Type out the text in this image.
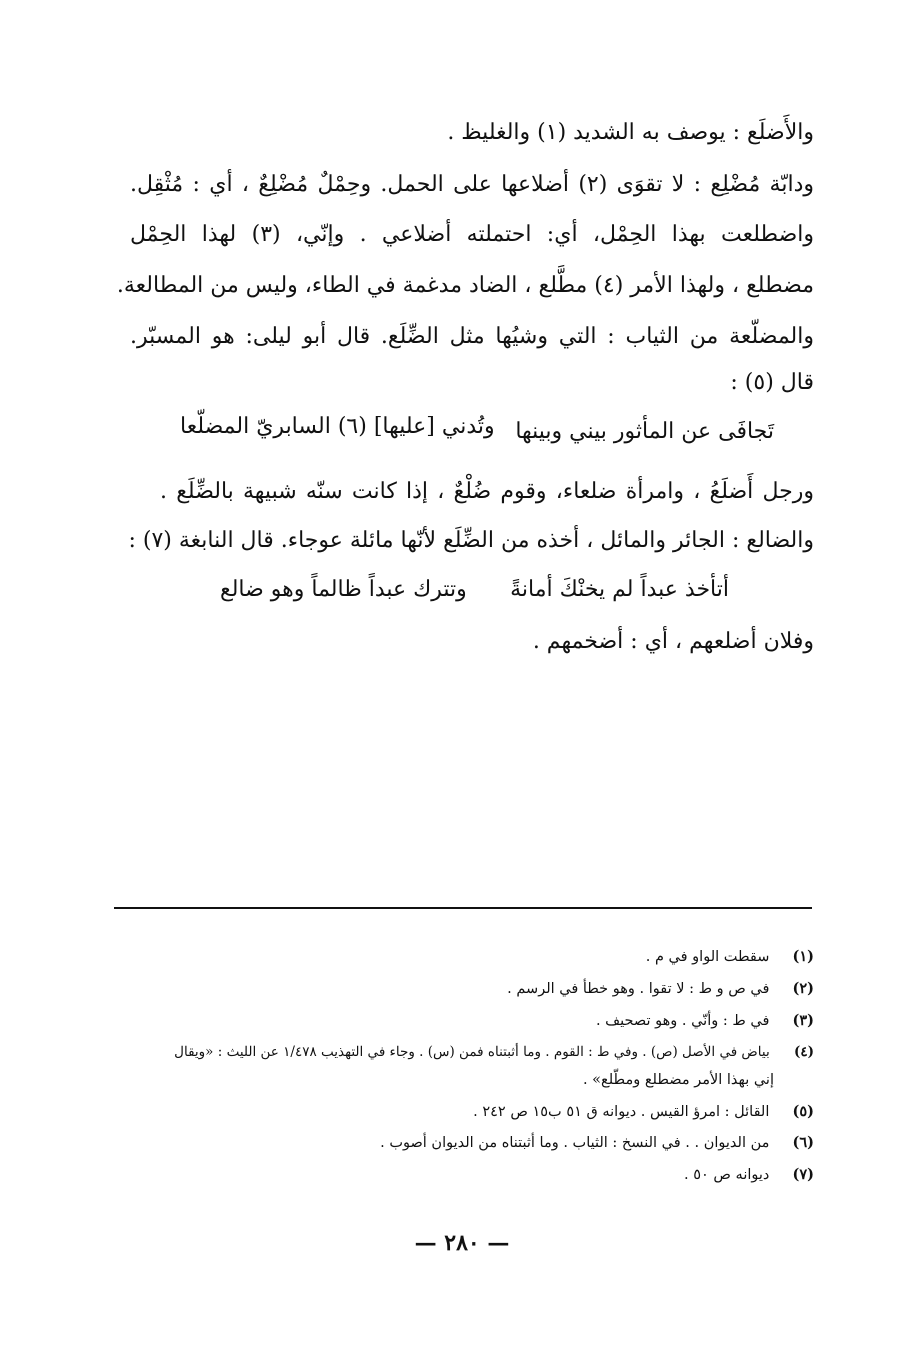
والأَضلَع : يوصف به الشديد (١) والغليظ .
ودابّة مُضْلِع : لا تقوَى (٢) أضلاعها على الحمل. وحِمْلٌ مُضْلِعٌ ، أي : مُثْقِل.
واضطلعت بهذا الحِمْل، أي: احتملته أضلاعي . وإنّي، (٣) لهذا الحِمْل
مضطلع ، ولهذا الأمر (٤) مطَّلع ، الضاد مدغمة في الطاء، وليس من المطالعة.
والمضلّعة من الثياب : التي وشيُها مثل الضِّلَع. قال أبو ليلى: هو المسبّر.
قال (٥) :
تَجافَى عن المأثور بيني وبينها
وتُدني [عليها] (٦) السابريّ المضلّعا
ورجل أَضلَعُ ، وامرأة ضلعاء، وقوم ضُلْعٌ ، إذا كانت سنّه شبيهة بالضِّلَع .
والضالع : الجائر والمائل ، أخذه من الضِّلَع لأنّها مائلة عوجاء. قال النابغة (٧) :
أتأخذ عبداً لم يخنْكَ أمانةً
وتترك عبداً ظالماً وهو ضالع
وفلان أضلعهم ، أي : أضخمهم .
(١) سقطت الواو في م .
(٢) في ص و ط : لا تقوا . وهو خطأ في الرسم .
(٣) في ط : وأنّي . وهو تصحيف .
(٤) بياض في الأصل (ص) . وفي ط : القوم . وما أثبتناه فمن (س) . وجاء في التهذيب ١/٤٧٨ عن الليث : «ويقال
إني بهذا الأمر مضطلع ومطّلع» .
(٥) القائل : امرؤ القيس . ديوانه ق ٥١ ب١٥ ص ٢٤٢ .
(٦) من الديوان . . في النسخ : الثياب . وما أثبتناه من الديوان أصوب .
(٧) ديوانه ص ٥٠ .
— ٢٨٠ —
